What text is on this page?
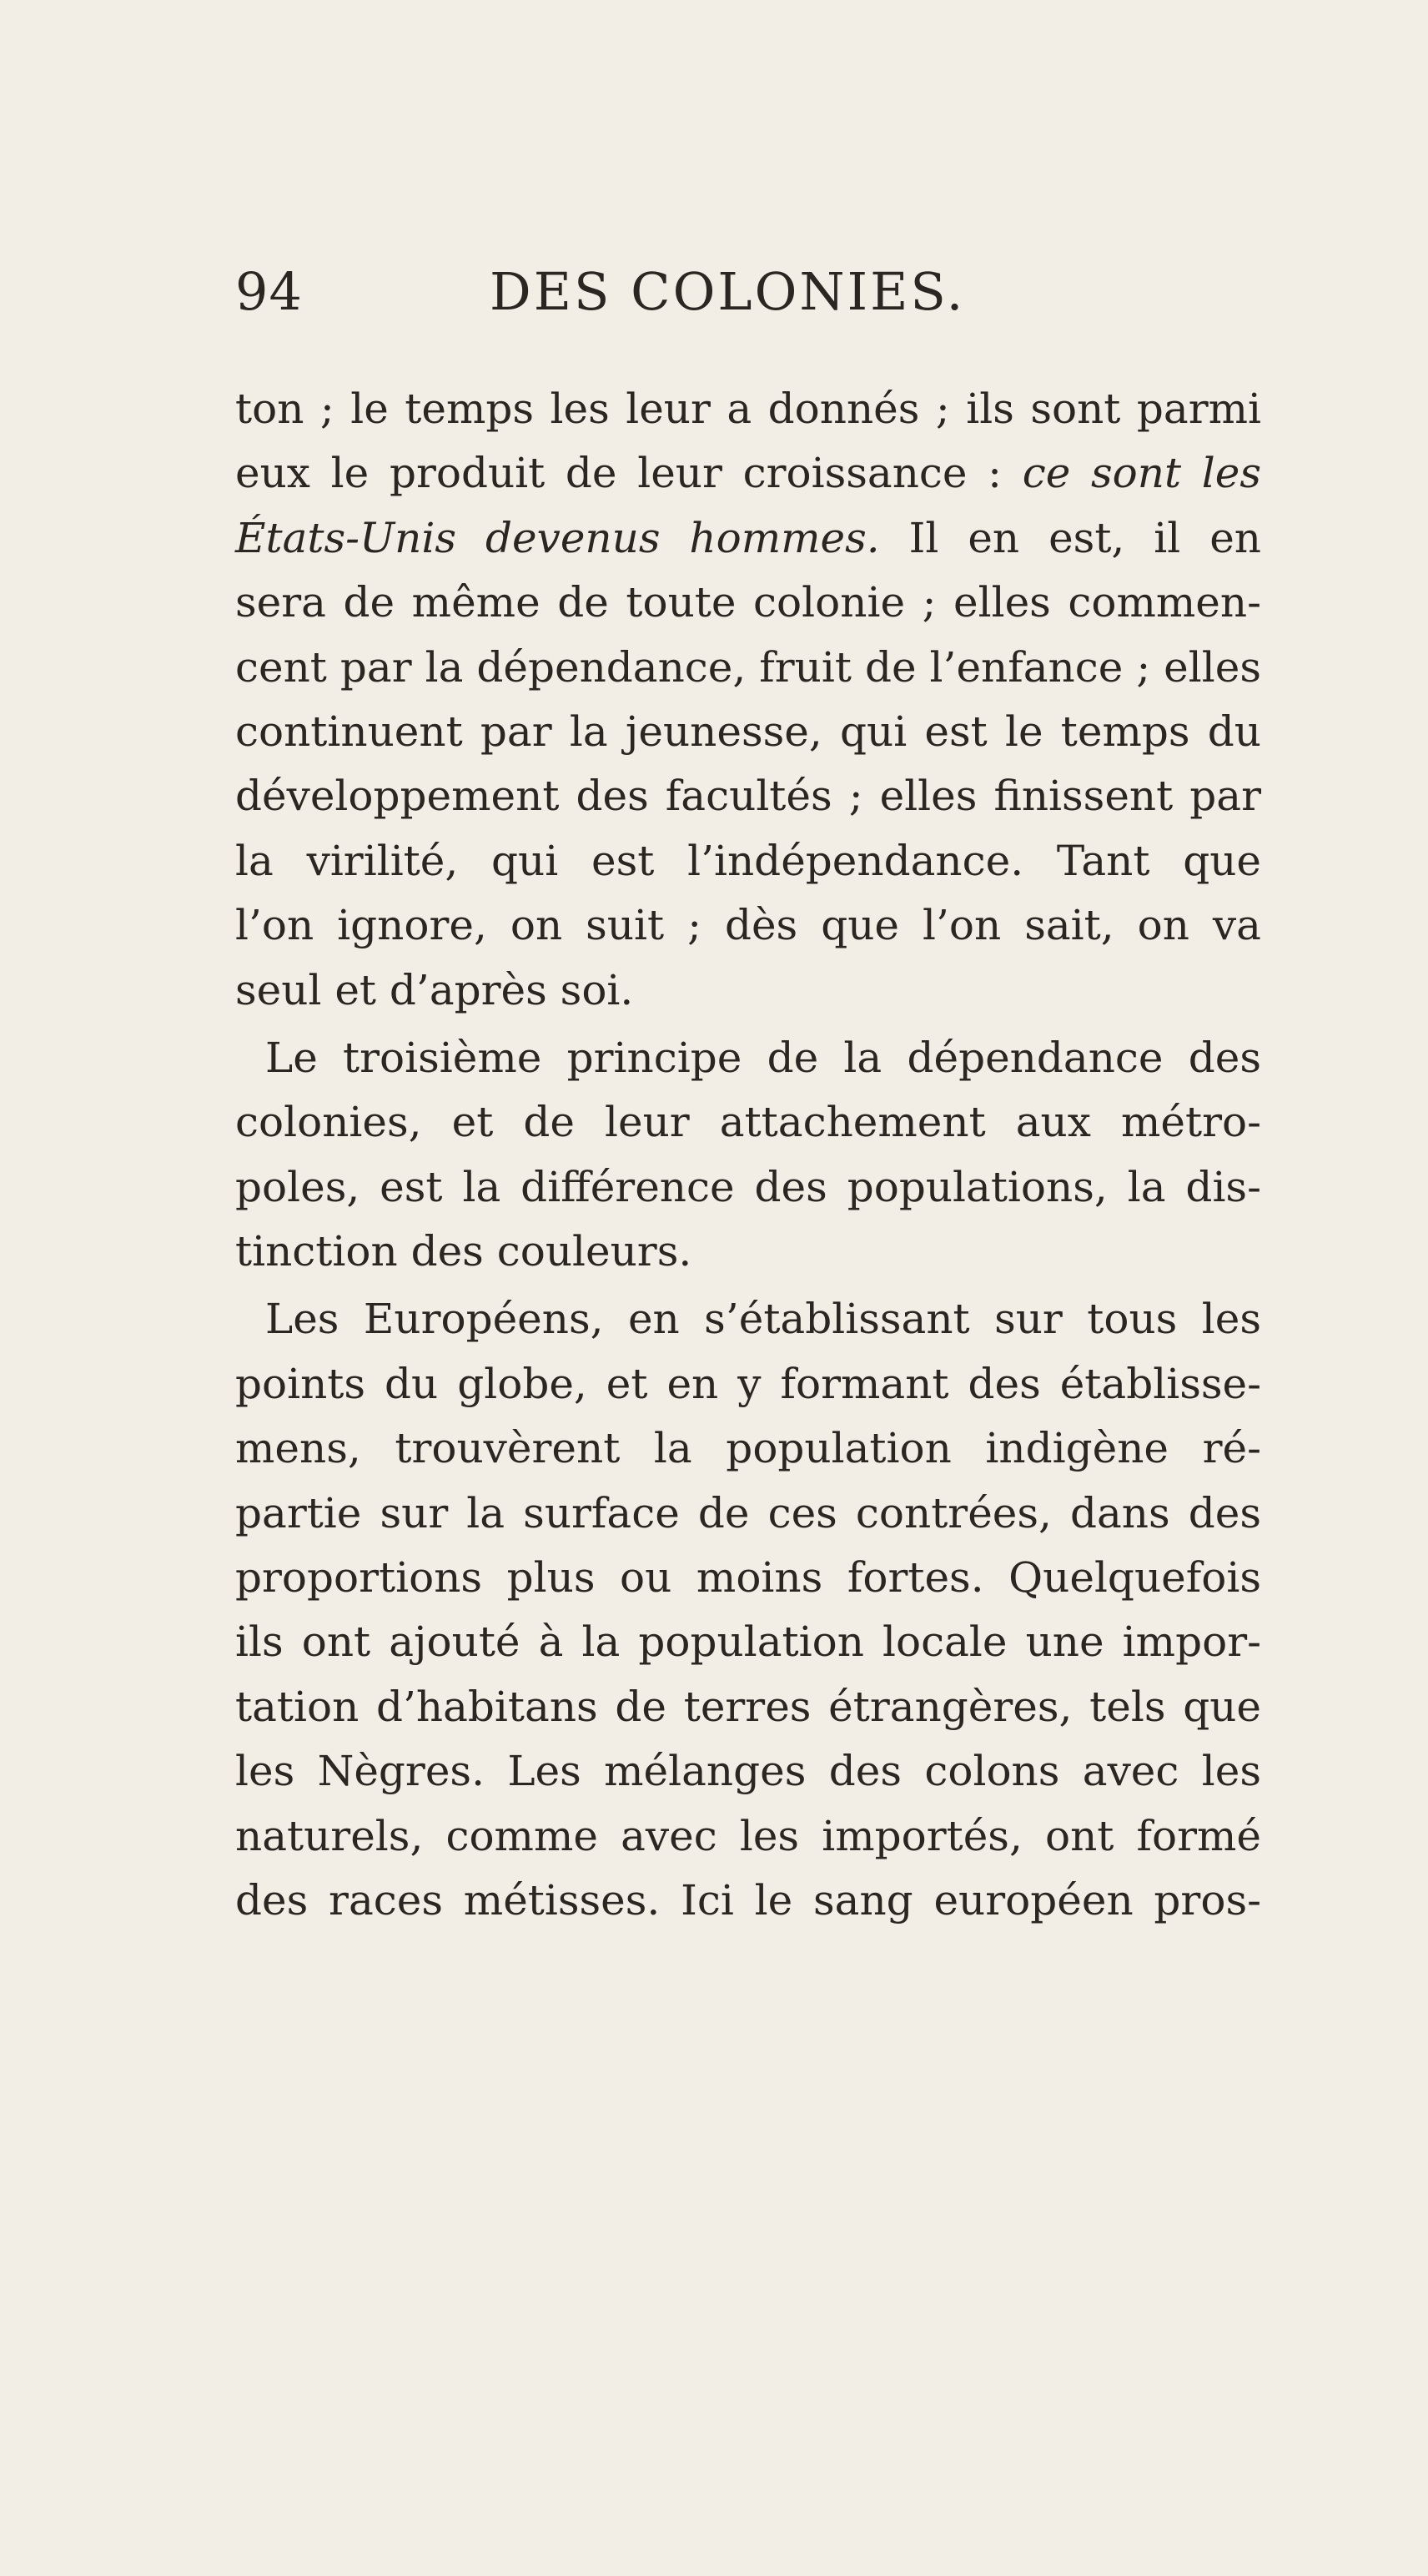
94	DES COLONIES.
ton ; le temps les leur a donnés ; ils sont parmi
eux le produit de leur croissance : ce sont les
États-Unis devenus hommes. Il en est, il en
sera de même de toute colonie ; elles commen-
cent par la dépendance, fruit de l’enfance ; elles
continuent par la jeunesse, qui est le temps du
développement des facultés ; elles finissent par
la virilité, qui est l’indépendance. Tant que
l’on ignore, on suit ; dès que l’on sait, on va
seul et d’après soi.
Le troisième principe de la dépendance des
colonies, et de leur attachement aux métro-
poles, est la différence des populations, la dis-
tinction des couleurs.
Les Européens, en s’établissant sur tous les
points du globe, et en y formant des établisse-
mens, trouvèrent la population indigène ré-
partie sur la surface de ces contrées, dans des
proportions plus ou moins fortes. Quelquefois
ils ont ajouté à la population locale une impor-
tation d’habitans de terres étrangères, tels que
les Nègres. Les mélanges des colons avec les
naturels, comme avec les importés, ont formé
des races métisses. Ici le sang européen pros-
